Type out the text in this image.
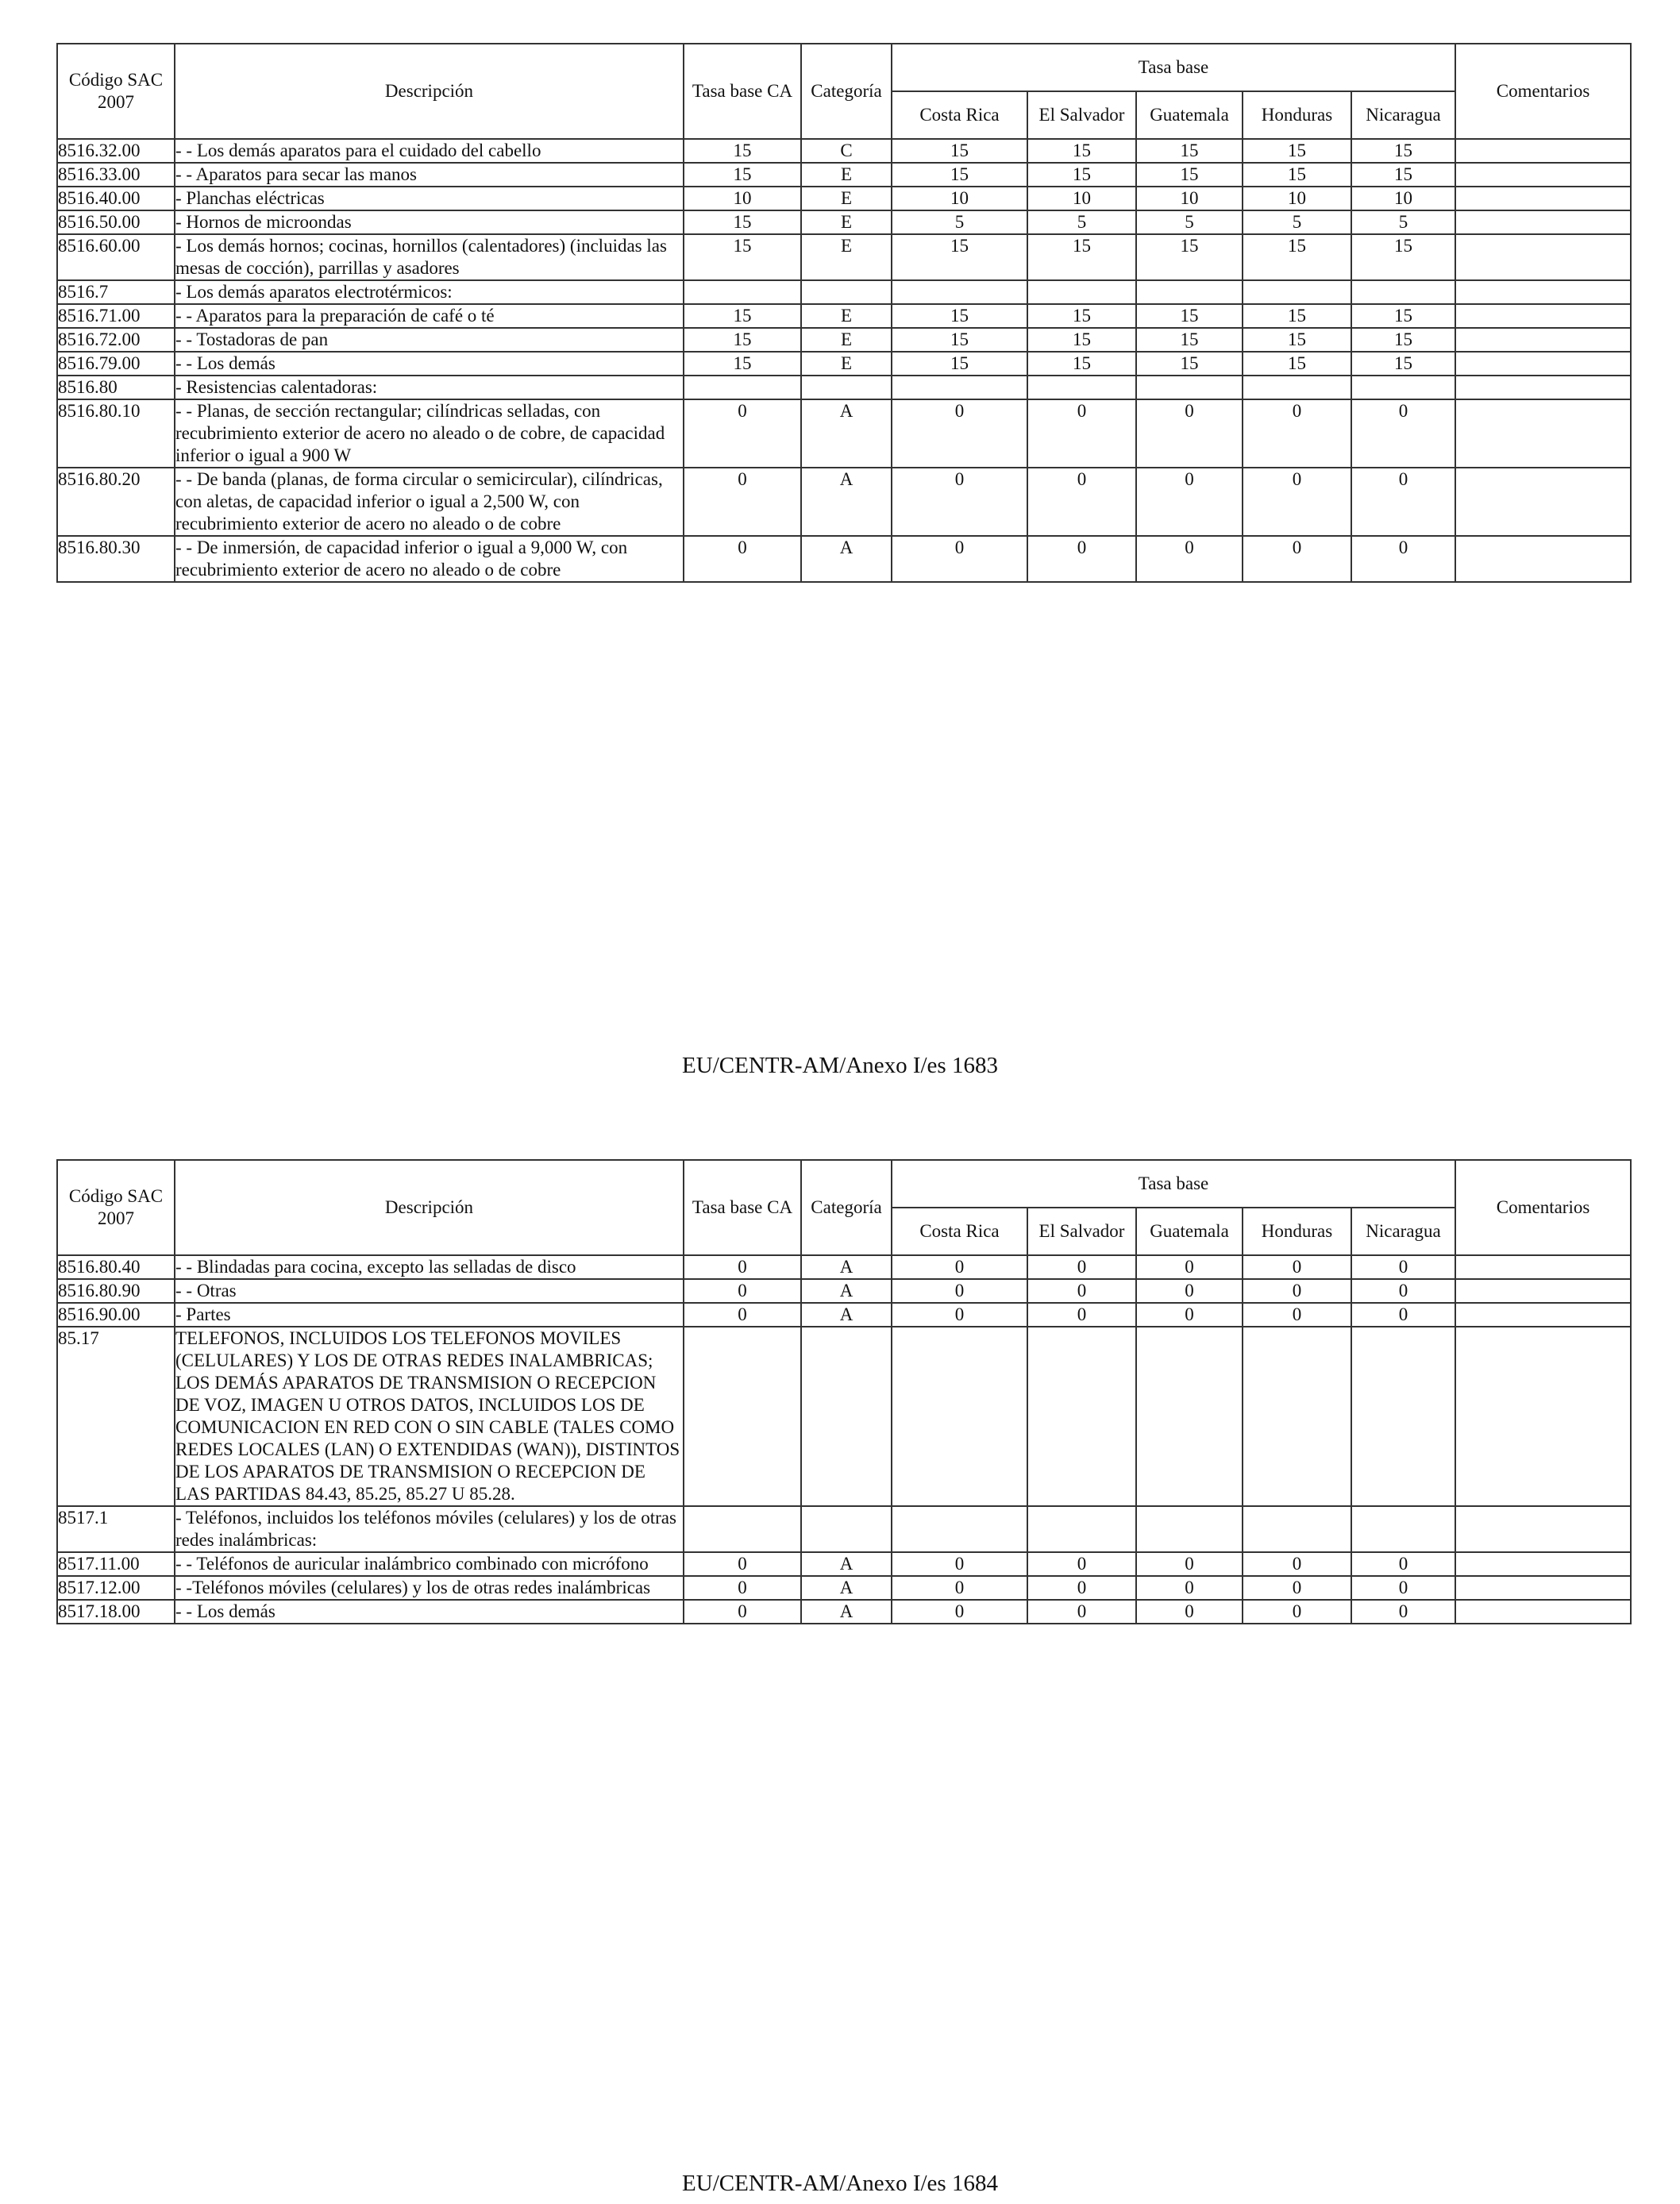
Código SAC 2007	Descripción	Tasa base CA	Categoría	Tasa base					Comentarios
				Costa Rica	El Salvador	Guatemala	Honduras	Nicaragua	
8516.32.00	- - Los demás aparatos para el cuidado del cabello	15	C	15	15	15	15	15	
8516.33.00	- - Aparatos para secar las manos	15	E	15	15	15	15	15	
8516.40.00	- Planchas eléctricas	10	E	10	10	10	10	10	
8516.50.00	- Hornos de microondas	15	E	5	5	5	5	5	
8516.60.00	- Los demás hornos; cocinas, hornillos (calentadores) (incluidas las mesas de cocción), parrillas y asadores	15	E	15	15	15	15	15	
8516.7	- Los demás aparatos electrotérmicos:								
8516.71.00	- - Aparatos para la preparación de café o té	15	E	15	15	15	15	15	
8516.72.00	- - Tostadoras de pan	15	E	15	15	15	15	15	
8516.79.00	- - Los demás	15	E	15	15	15	15	15	
8516.80	- Resistencias calentadoras:								
8516.80.10	- - Planas, de sección rectangular; cilíndricas selladas, con recubrimiento exterior de acero no aleado o de cobre, de capacidad inferior o igual a 900 W	0	A	0	0	0	0	0	
8516.80.20	- - De banda (planas, de forma circular o semicircular), cilíndricas, con aletas, de capacidad inferior o igual a 2,500 W, con recubrimiento exterior de acero no aleado o de cobre	0	A	0	0	0	0	0	
8516.80.30	- - De inmersión, de capacidad inferior o igual a 9,000 W, con recubrimiento exterior de acero no aleado o de cobre	0	A	0	0	0	0	0	
EU/CENTR-AM/Anexo I/es 1683
Código SAC 2007	Descripción	Tasa base CA	Categoría	Tasa base					Comentarios
				Costa Rica	El Salvador	Guatemala	Honduras	Nicaragua	
8516.80.40	- - Blindadas para cocina, excepto las selladas de disco	0	A	0	0	0	0	0	
8516.80.90	- - Otras	0	A	0	0	0	0	0	
8516.90.00	- Partes	0	A	0	0	0	0	0	
85.17	TELEFONOS, INCLUIDOS LOS TELEFONOS MOVILES (CELULARES) Y LOS DE OTRAS REDES INALAMBRICAS; LOS DEMÁS APARATOS DE TRANSMISION O RECEPCION DE VOZ, IMAGEN U OTROS DATOS, INCLUIDOS LOS DE COMUNICACION EN RED CON O SIN CABLE (TALES COMO REDES LOCALES (LAN) O EXTENDIDAS (WAN)), DISTINTOS DE LOS APARATOS DE TRANSMISION O RECEPCION DE LAS PARTIDAS 84.43, 85.25, 85.27 U 85.28.								
8517.1	- Teléfonos, incluidos los teléfonos móviles (celulares) y los de otras redes inalámbricas:								
8517.11.00	- - Teléfonos de auricular inalámbrico combinado con micrófono	0	A	0	0	0	0	0	
8517.12.00	- -Teléfonos móviles (celulares) y los de otras redes inalámbricas	0	A	0	0	0	0	0	
8517.18.00	- - Los demás	0	A	0	0	0	0	0	
EU/CENTR-AM/Anexo I/es 1684
